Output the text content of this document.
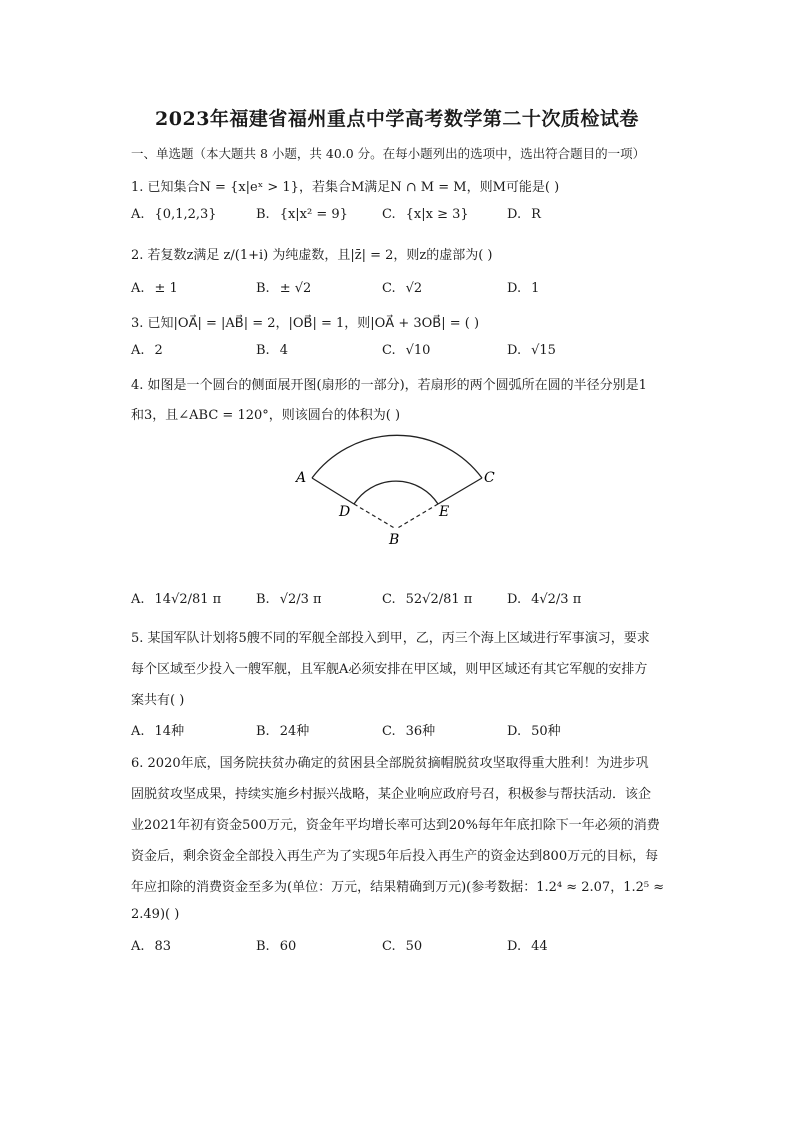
2023年福建省福州重点中学高考数学第二十次质检试卷
一、单选题（本大题共 8 小题，共 40.0 分。在每小题列出的选项中，选出符合题目的一项）
1. 已知集合N = {x|eˣ > 1}，若集合M满足N ∩ M = M，则M可能是( )
A. {0,1,2,3}	B. {x|x² = 9}	C. {x|x ≥ 3}	D. R
2. 若复数z满足 z/(1+i) 为纯虚数，且|z̄| = 2，则z的虚部为( )
A. ± 1	B. ± √2	C. √2	D. 1
3. 已知|OA⃗| = |AB⃗| = 2，|OB⃗| = 1，则|OA⃗ + 3OB⃗| = ( )
A. 2	B. 4	C. √10	D. √15
4. 如图是一个圆台的侧面展开图(扇形的一部分)，若扇形的两个圆弧所在圆的半径分别是1
和3，且∠ABC = 120°，则该圆台的体积为( )
A	C
D	E
B
A. 14√2/81 π	B. √2/3 π	C. 52√2/81 π	D. 4√2/3 π
5. 某国军队计划将5艘不同的军舰全部投入到甲，乙，丙三个海上区域进行军事演习，要求
每个区域至少投入一艘军舰，且军舰A必须安排在甲区域，则甲区域还有其它军舰的安排方
案共有( )
A. 14种	B. 24种	C. 36种	D. 50种
6. 2020年底，国务院扶贫办确定的贫困县全部脱贫摘帽脱贫攻坚取得重大胜利！为进步巩
固脱贫攻坚成果，持续实施乡村振兴战略，某企业响应政府号召，积极参与帮扶活动．该企
业2021年初有资金500万元，资金年平均增长率可达到20%每年年底扣除下一年必须的消费
资金后，剩余资金全部投入再生产为了实现5年后投入再生产的资金达到800万元的目标，每
年应扣除的消费资金至多为(单位：万元，结果精确到万元)(参考数据：1.2⁴ ≈ 2.07，1.2⁵ ≈
2.49)( )
A. 83	B. 60	C. 50	D. 44
